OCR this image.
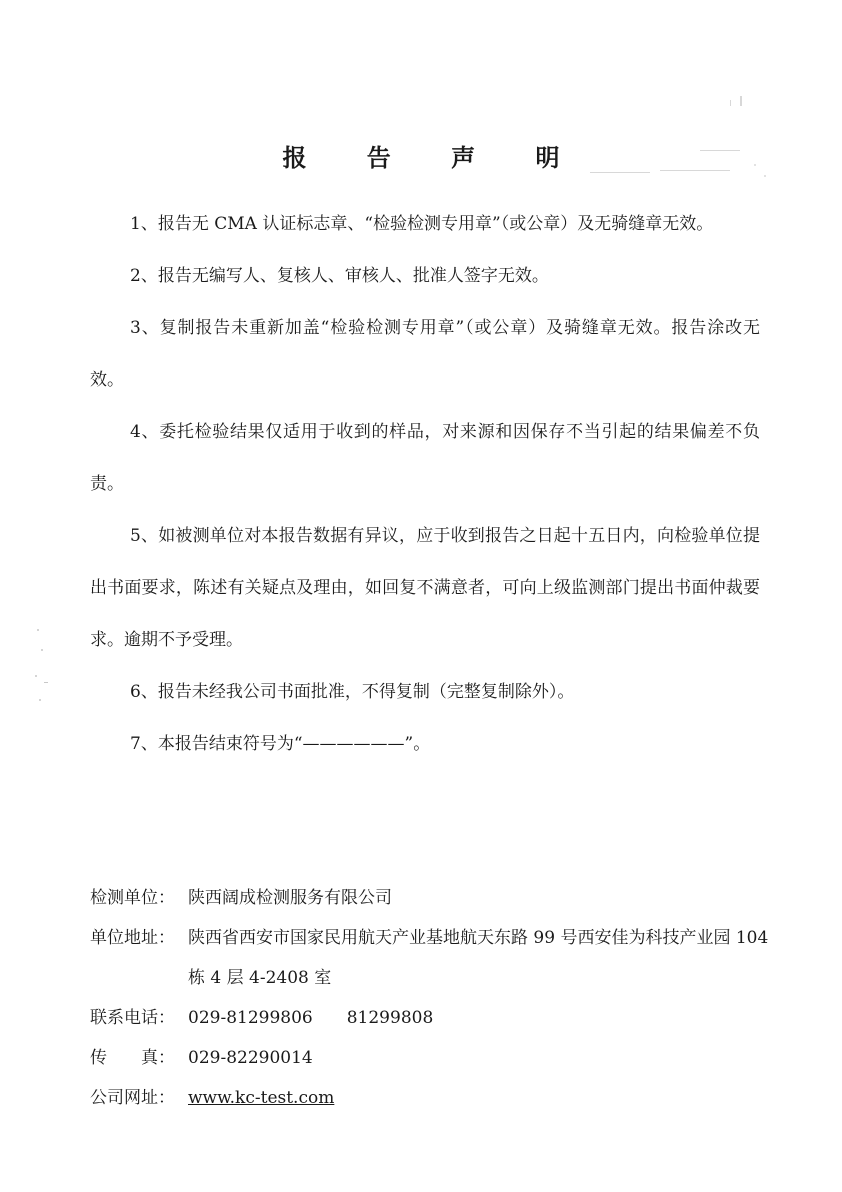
报 告 声 明

1、报告无 CMA 认证标志章、“检验检测专用章”（或公章）及无骑缝章无效。

2、报告无编写人、复核人、审核人、批准人签字无效。

3、复制报告未重新加盖“检验检测专用章”（或公章）及骑缝章无效。报告涂改无效。

4、委托检验结果仅适用于收到的样品，对来源和因保存不当引起的结果偏差不负责。

5、如被测单位对本报告数据有异议，应于收到报告之日起十五日内，向检验单位提出书面要求，陈述有关疑点及理由，如回复不满意者，可向上级监测部门提出书面仲裁要求。逾期不予受理。

6、报告未经我公司书面批准，不得复制（完整复制除外）。

7、本报告结束符号为“——————”。

检测单位： 陕西阔成检测服务有限公司
单位地址： 陕西省西安市国家民用航天产业基地航天东路 99 号西安佳为科技产业园 104 栋 4 层 4-2408 室
联系电话： 029-81299806 81299808
传　　真： 029-82290014
公司网址： www.kc-test.com
